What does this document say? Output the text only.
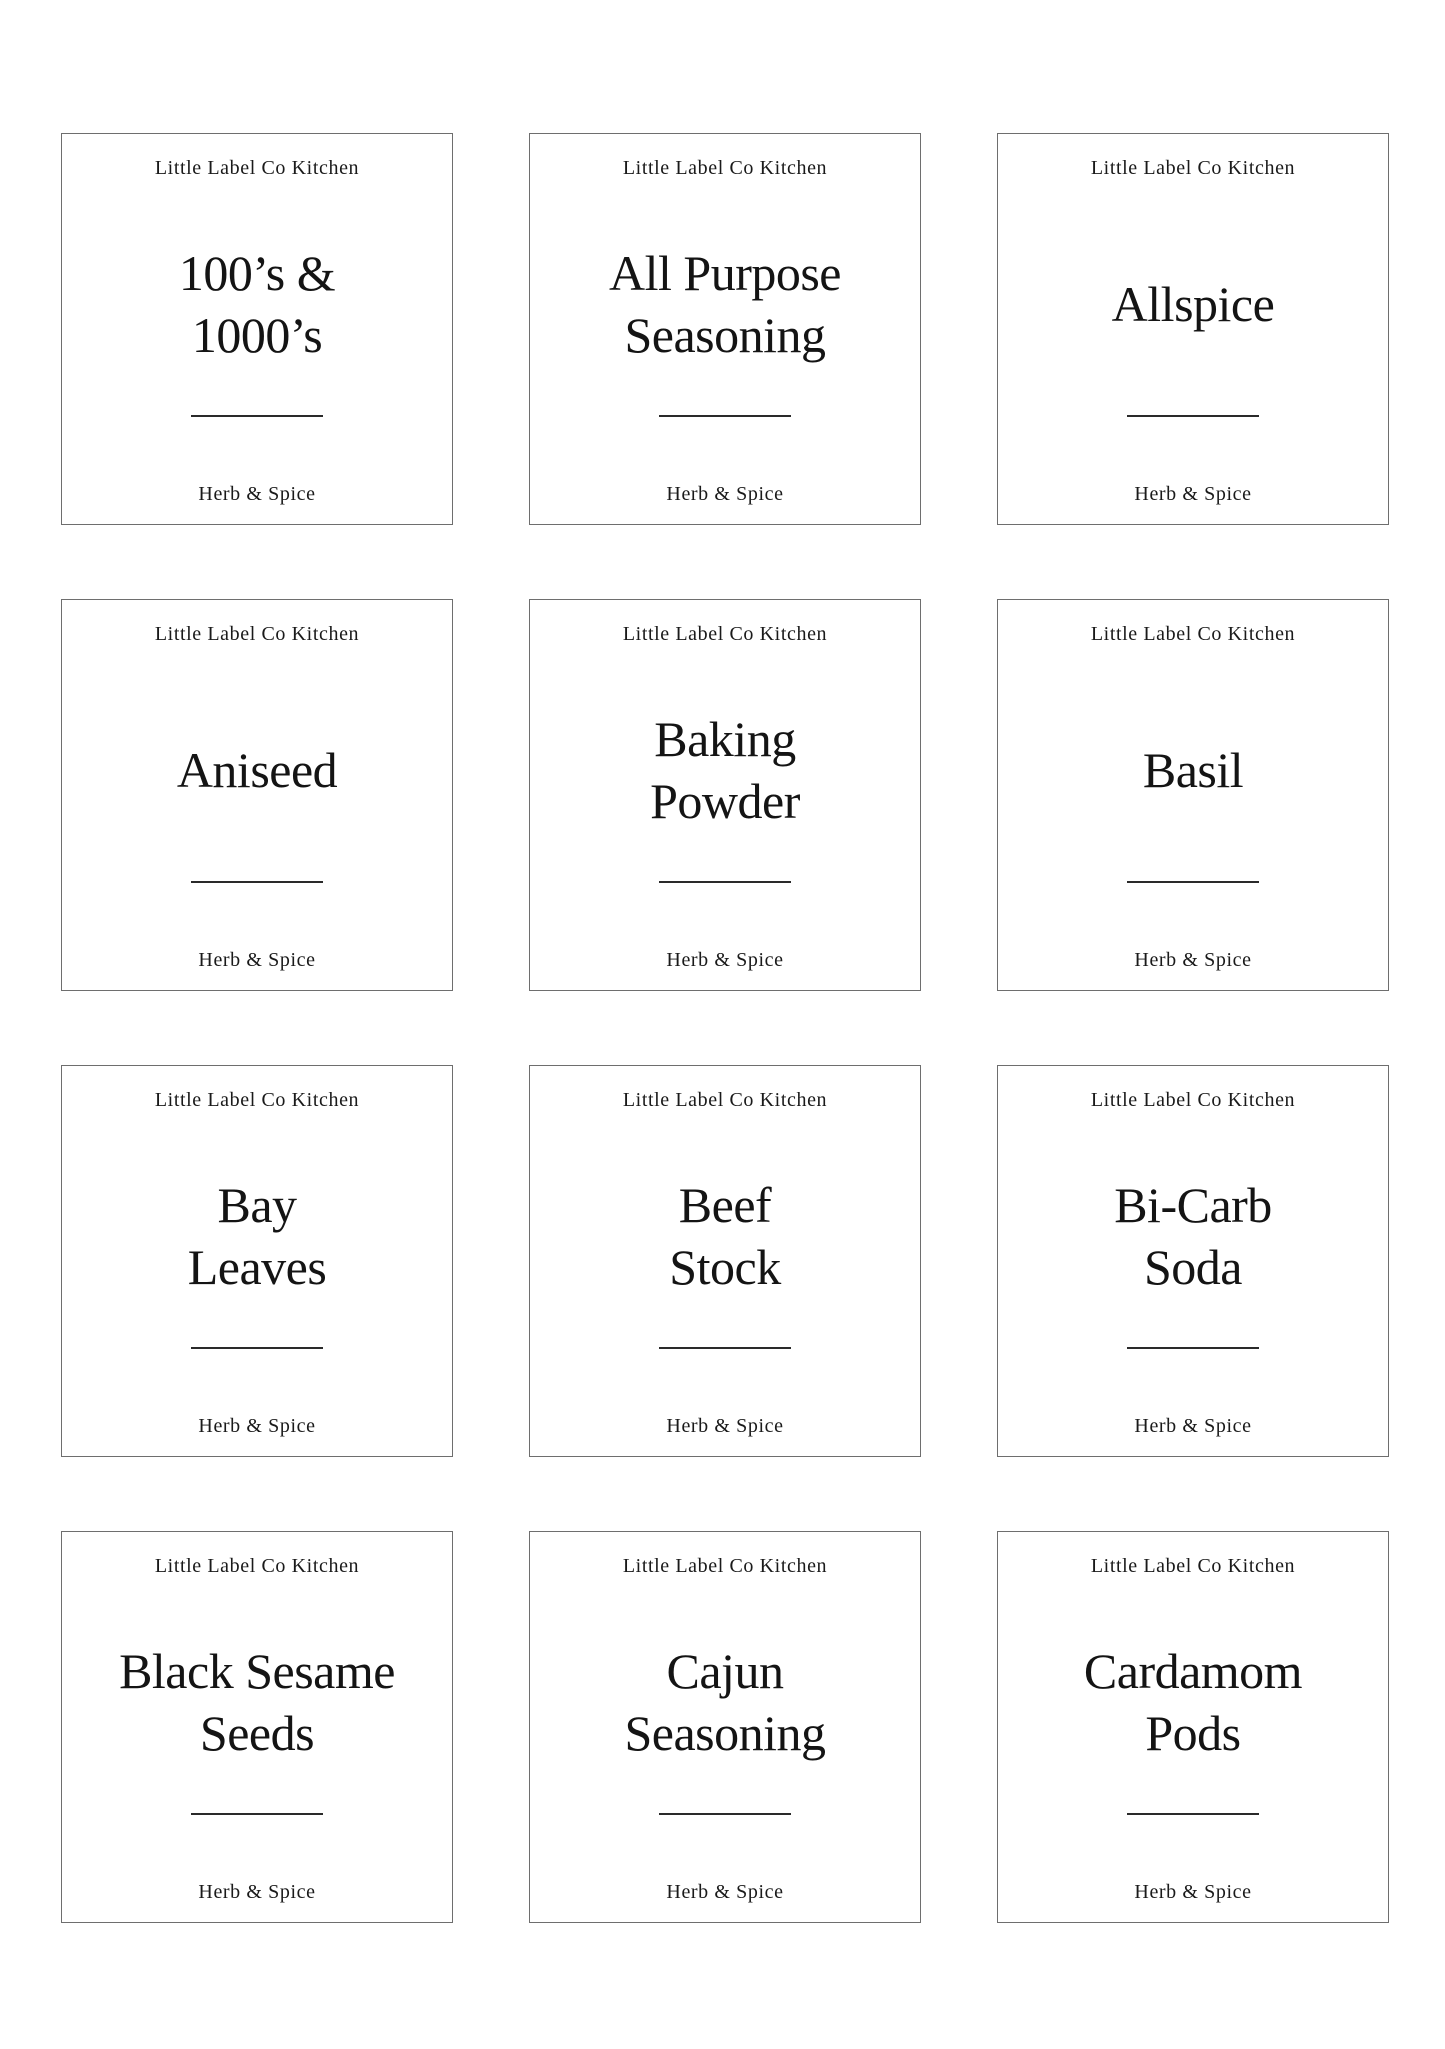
Little Label Co Kitchen
100’s &
1000’s
Herb & Spice
Little Label Co Kitchen
All Purpose
Seasoning
Herb & Spice
Little Label Co Kitchen
Allspice
Herb & Spice
Little Label Co Kitchen
Aniseed
Herb & Spice
Little Label Co Kitchen
Baking
Powder
Herb & Spice
Little Label Co Kitchen
Basil
Herb & Spice
Little Label Co Kitchen
Bay
Leaves
Herb & Spice
Little Label Co Kitchen
Beef
Stock
Herb & Spice
Little Label Co Kitchen
Bi-Carb
Soda
Herb & Spice
Little Label Co Kitchen
Black Sesame
Seeds
Herb & Spice
Little Label Co Kitchen
Cajun
Seasoning
Herb & Spice
Little Label Co Kitchen
Cardamom
Pods
Herb & Spice
